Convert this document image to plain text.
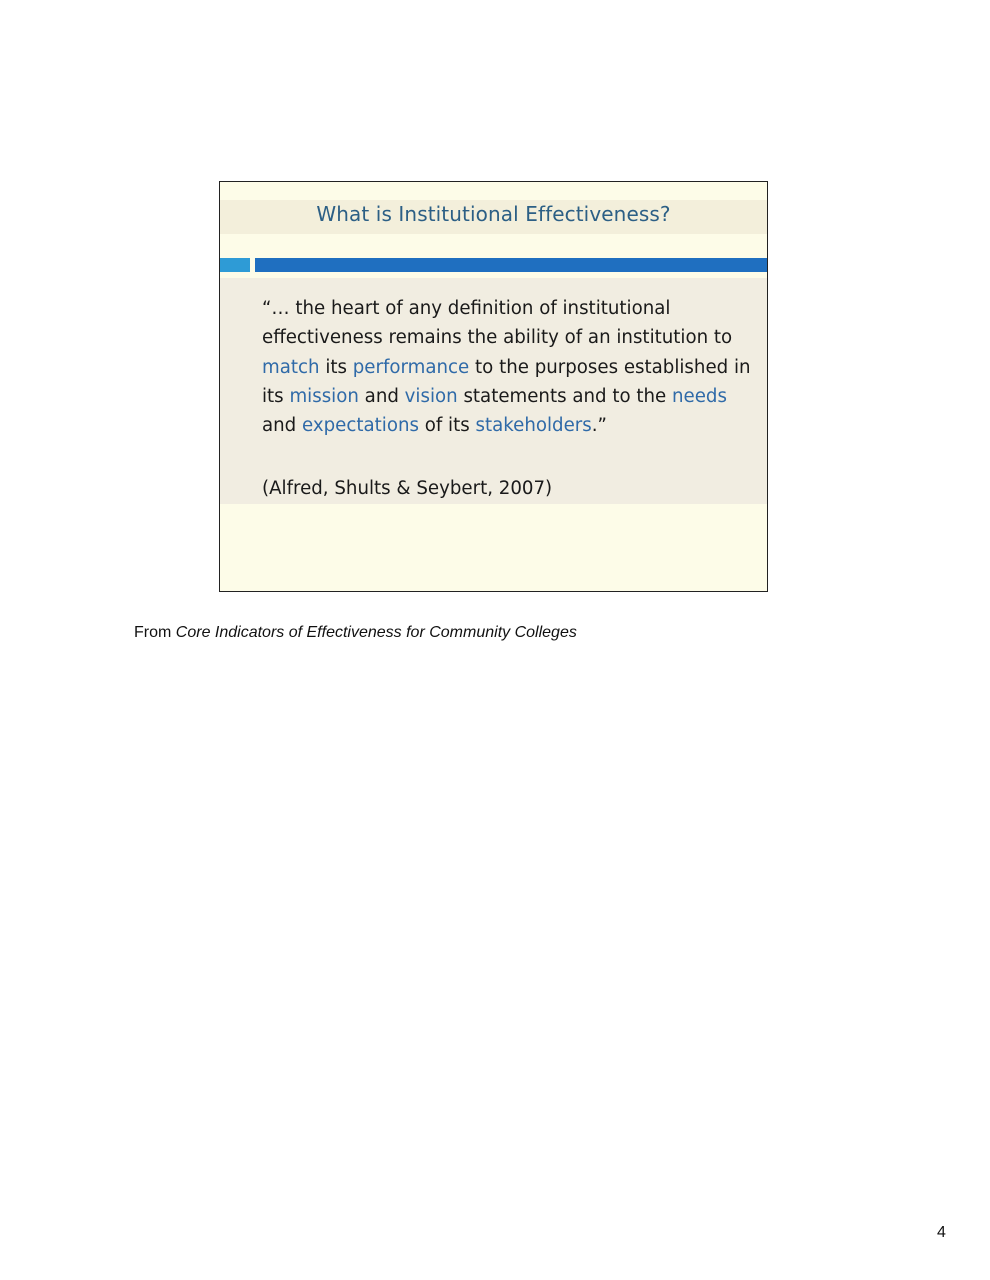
What is Institutional Effectiveness?

“… the heart of any definition of institutional effectiveness remains the ability of an institution to match its performance to the purposes established in its mission and vision statements and to the needs and expectations of its stakeholders.”

(Alfred, Shults & Seybert, 2007)
From Core Indicators of Effectiveness for Community Colleges
4
